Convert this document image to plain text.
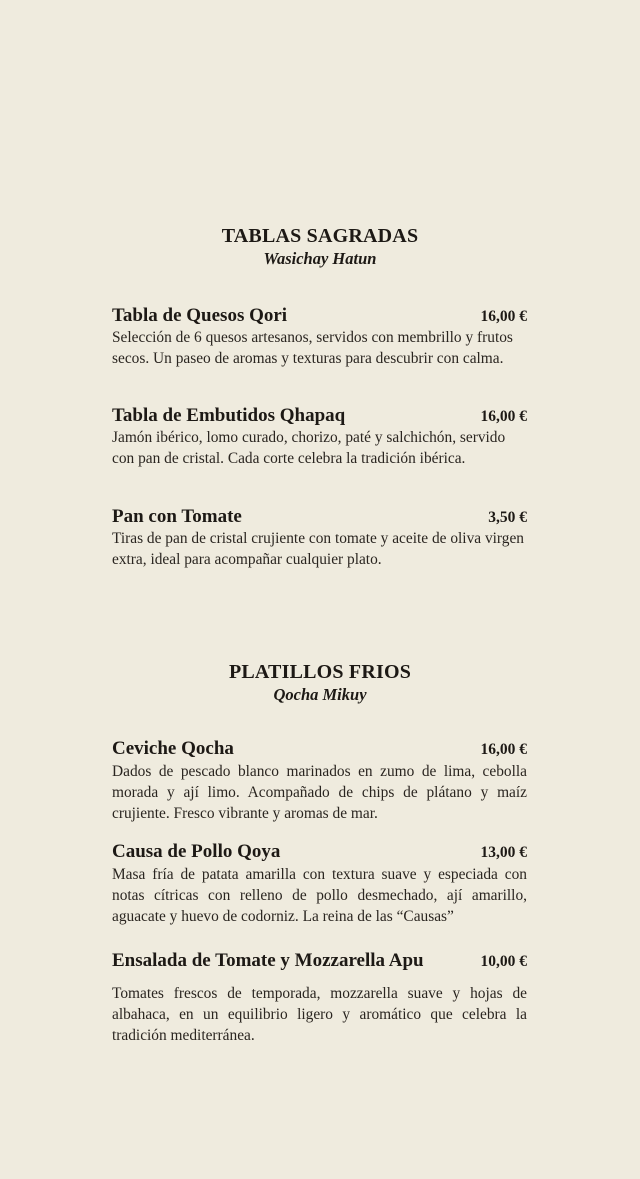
TABLAS SAGRADAS
Wasichay Hatun
Tabla de Quesos Qori	16,00 €
Selección de 6 quesos artesanos, servidos con membrillo y frutos secos. Un paseo de aromas y texturas para descubrir con calma.
Tabla de Embutidos Qhapaq	16,00 €
Jamón ibérico, lomo curado, chorizo, paté y salchichón, servido con pan de cristal. Cada corte celebra la tradición ibérica.
Pan con Tomate	3,50 €
Tiras de pan de cristal crujiente con tomate y aceite de oliva virgen extra, ideal para acompañar cualquier plato.
PLATILLOS FRIOS
Qocha Mikuy
Ceviche Qocha	16,00 €
Dados de pescado blanco marinados en zumo de lima, cebolla morada y ají limo. Acompañado de chips de plátano y maíz crujiente. Fresco vibrante y aromas de mar.
Causa de Pollo Qoya	13,00 €
Masa fría de patata amarilla con textura suave y especiada con notas cítricas con relleno de pollo desmechado, ají amarillo, aguacate y huevo de codorniz. La reina de las “Causas”
Ensalada de Tomate y Mozzarella Apu	10,00 €
Tomates frescos de temporada, mozzarella suave y hojas de albahaca, en un equilibrio ligero y aromático que celebra la tradición mediterránea.
